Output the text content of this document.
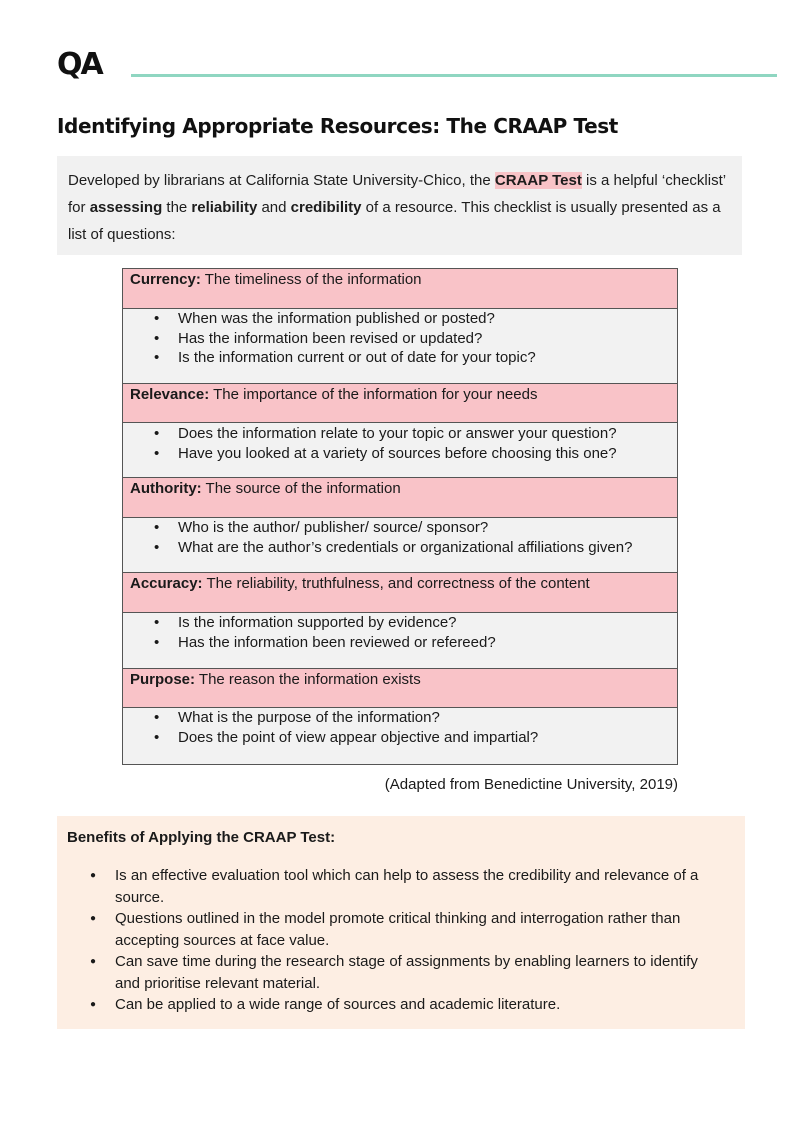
QA
Identifying Appropriate Resources: The CRAAP Test
Developed by librarians at California State University-Chico, the CRAAP Test is a helpful ‘checklist’ for assessing the reliability and credibility of a resource. This checklist is usually presented as a list of questions:
Currency: The timeliness of the information
• When was the information published or posted?
• Has the information been revised or updated?
• Is the information current or out of date for your topic?
Relevance: The importance of the information for your needs
• Does the information relate to your topic or answer your question?
• Have you looked at a variety of sources before choosing this one?
Authority: The source of the information
• Who is the author/ publisher/ source/ sponsor?
• What are the author’s credentials or organizational affiliations given?
Accuracy: The reliability, truthfulness, and correctness of the content
• Is the information supported by evidence?
• Has the information been reviewed or refereed?
Purpose: The reason the information exists
• What is the purpose of the information?
• Does the point of view appear objective and impartial?
(Adapted from Benedictine University, 2019)
Benefits of Applying the CRAAP Test:
● Is an effective evaluation tool which can help to assess the credibility and relevance of a source.
● Questions outlined in the model promote critical thinking and interrogation rather than accepting sources at face value.
● Can save time during the research stage of assignments by enabling learners to identify and prioritise relevant material.
● Can be applied to a wide range of sources and academic literature.
